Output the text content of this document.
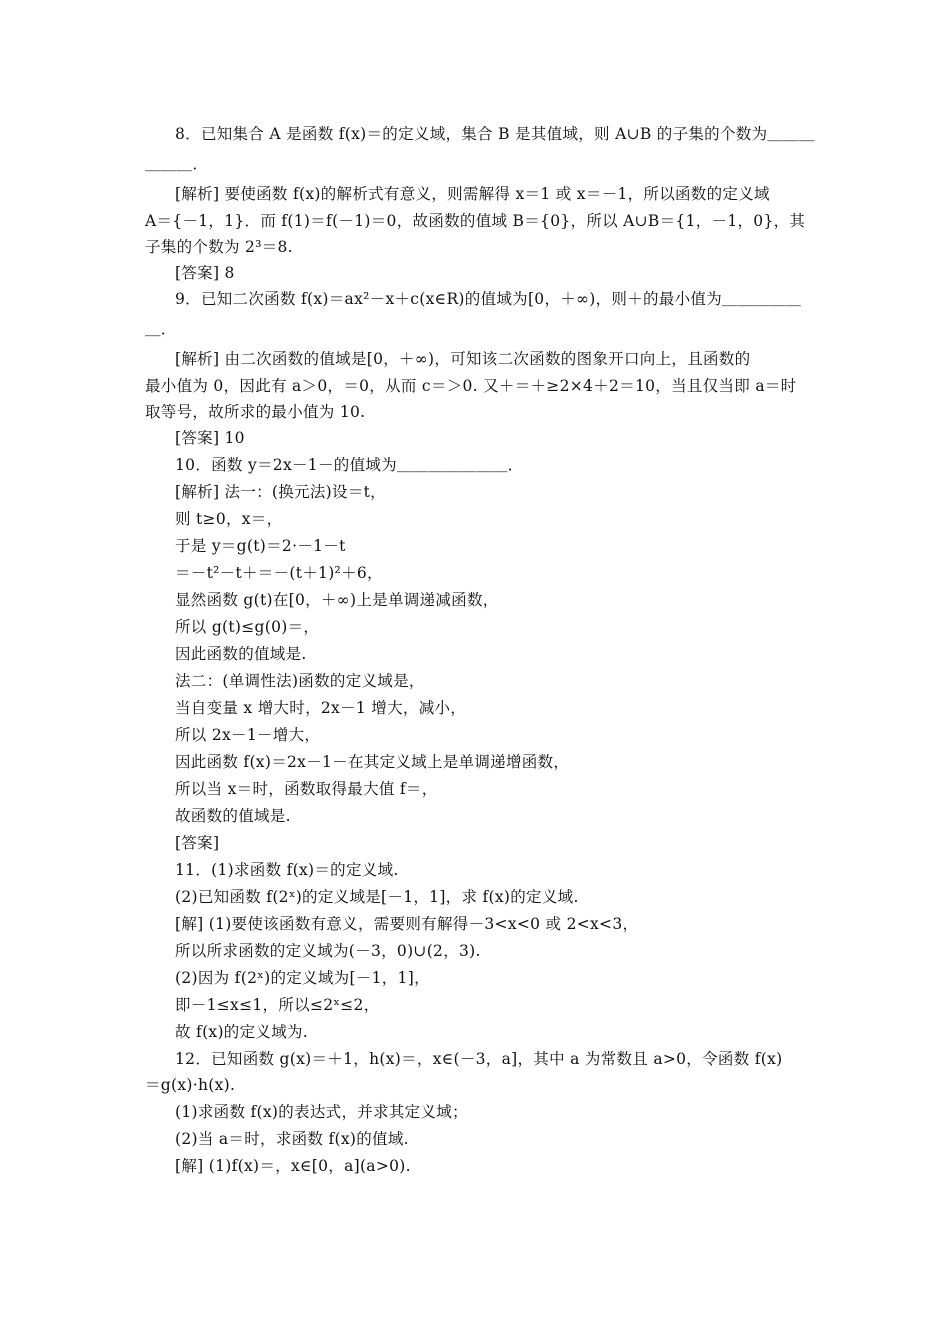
8．已知集合 A 是函数 f(x)＝的定义域，集合 B 是其值域，则 A∪B 的子集的个数为＿＿＿
＿＿＿．
[解析] 要使函数 f(x)的解析式有意义，则需解得 x＝1 或 x＝－1，所以函数的定义域
A＝{－1，1}．而 f(1)＝f(－1)＝0，故函数的值域 B＝{0}，所以 A∪B＝{1，－1，0}，其
子集的个数为 2³＝8.
[答案] 8
9．已知二次函数 f(x)＝ax²－x＋c(x∈R)的值域为[0，＋∞)，则＋的最小值为＿＿＿＿＿
＿．
[解析] 由二次函数的值域是[0，＋∞)，可知该二次函数的图象开口向上，且函数的
最小值为 0，因此有 a＞0，＝0，从而 c＝＞0. 又＋＝＋≥2×4＋2＝10，当且仅当即 a＝时
取等号，故所求的最小值为 10.
[答案] 10
10．函数 y＝2x－1－的值域为＿＿＿＿＿＿＿．
[解析] 法一：(换元法)设＝t，
则 t≥0，x＝，
于是 y＝g(t)＝2·－1－t
＝－t²－t＋＝－(t＋1)²＋6，
显然函数 g(t)在[0，＋∞)上是单调递减函数，
所以 g(t)≤g(0)＝，
因此函数的值域是.
法二：(单调性法)函数的定义域是，
当自变量 x 增大时，2x－1 增大，减小，
所以 2x－1－增大，
因此函数 f(x)＝2x－1－在其定义域上是单调递增函数，
所以当 x＝时，函数取得最大值 f＝，
故函数的值域是.
[答案]
11．(1)求函数 f(x)＝的定义域.
(2)已知函数 f(2ˣ)的定义域是[－1，1]，求 f(x)的定义域.
[解] (1)要使该函数有意义，需要则有解得－3<x<0 或 2<x<3，
所以所求函数的定义域为(－3，0)∪(2，3).
(2)因为 f(2ˣ)的定义域为[－1，1]，
即－1≤x≤1，所以≤2ˣ≤2，
故 f(x)的定义域为.
12．已知函数 g(x)＝＋1，h(x)＝，x∈(－3，a]，其中 a 为常数且 a>0，令函数 f(x)
＝g(x)·h(x).
(1)求函数 f(x)的表达式，并求其定义域；
(2)当 a＝时，求函数 f(x)的值域.
[解] (1)f(x)＝，x∈[0，a](a>0).
